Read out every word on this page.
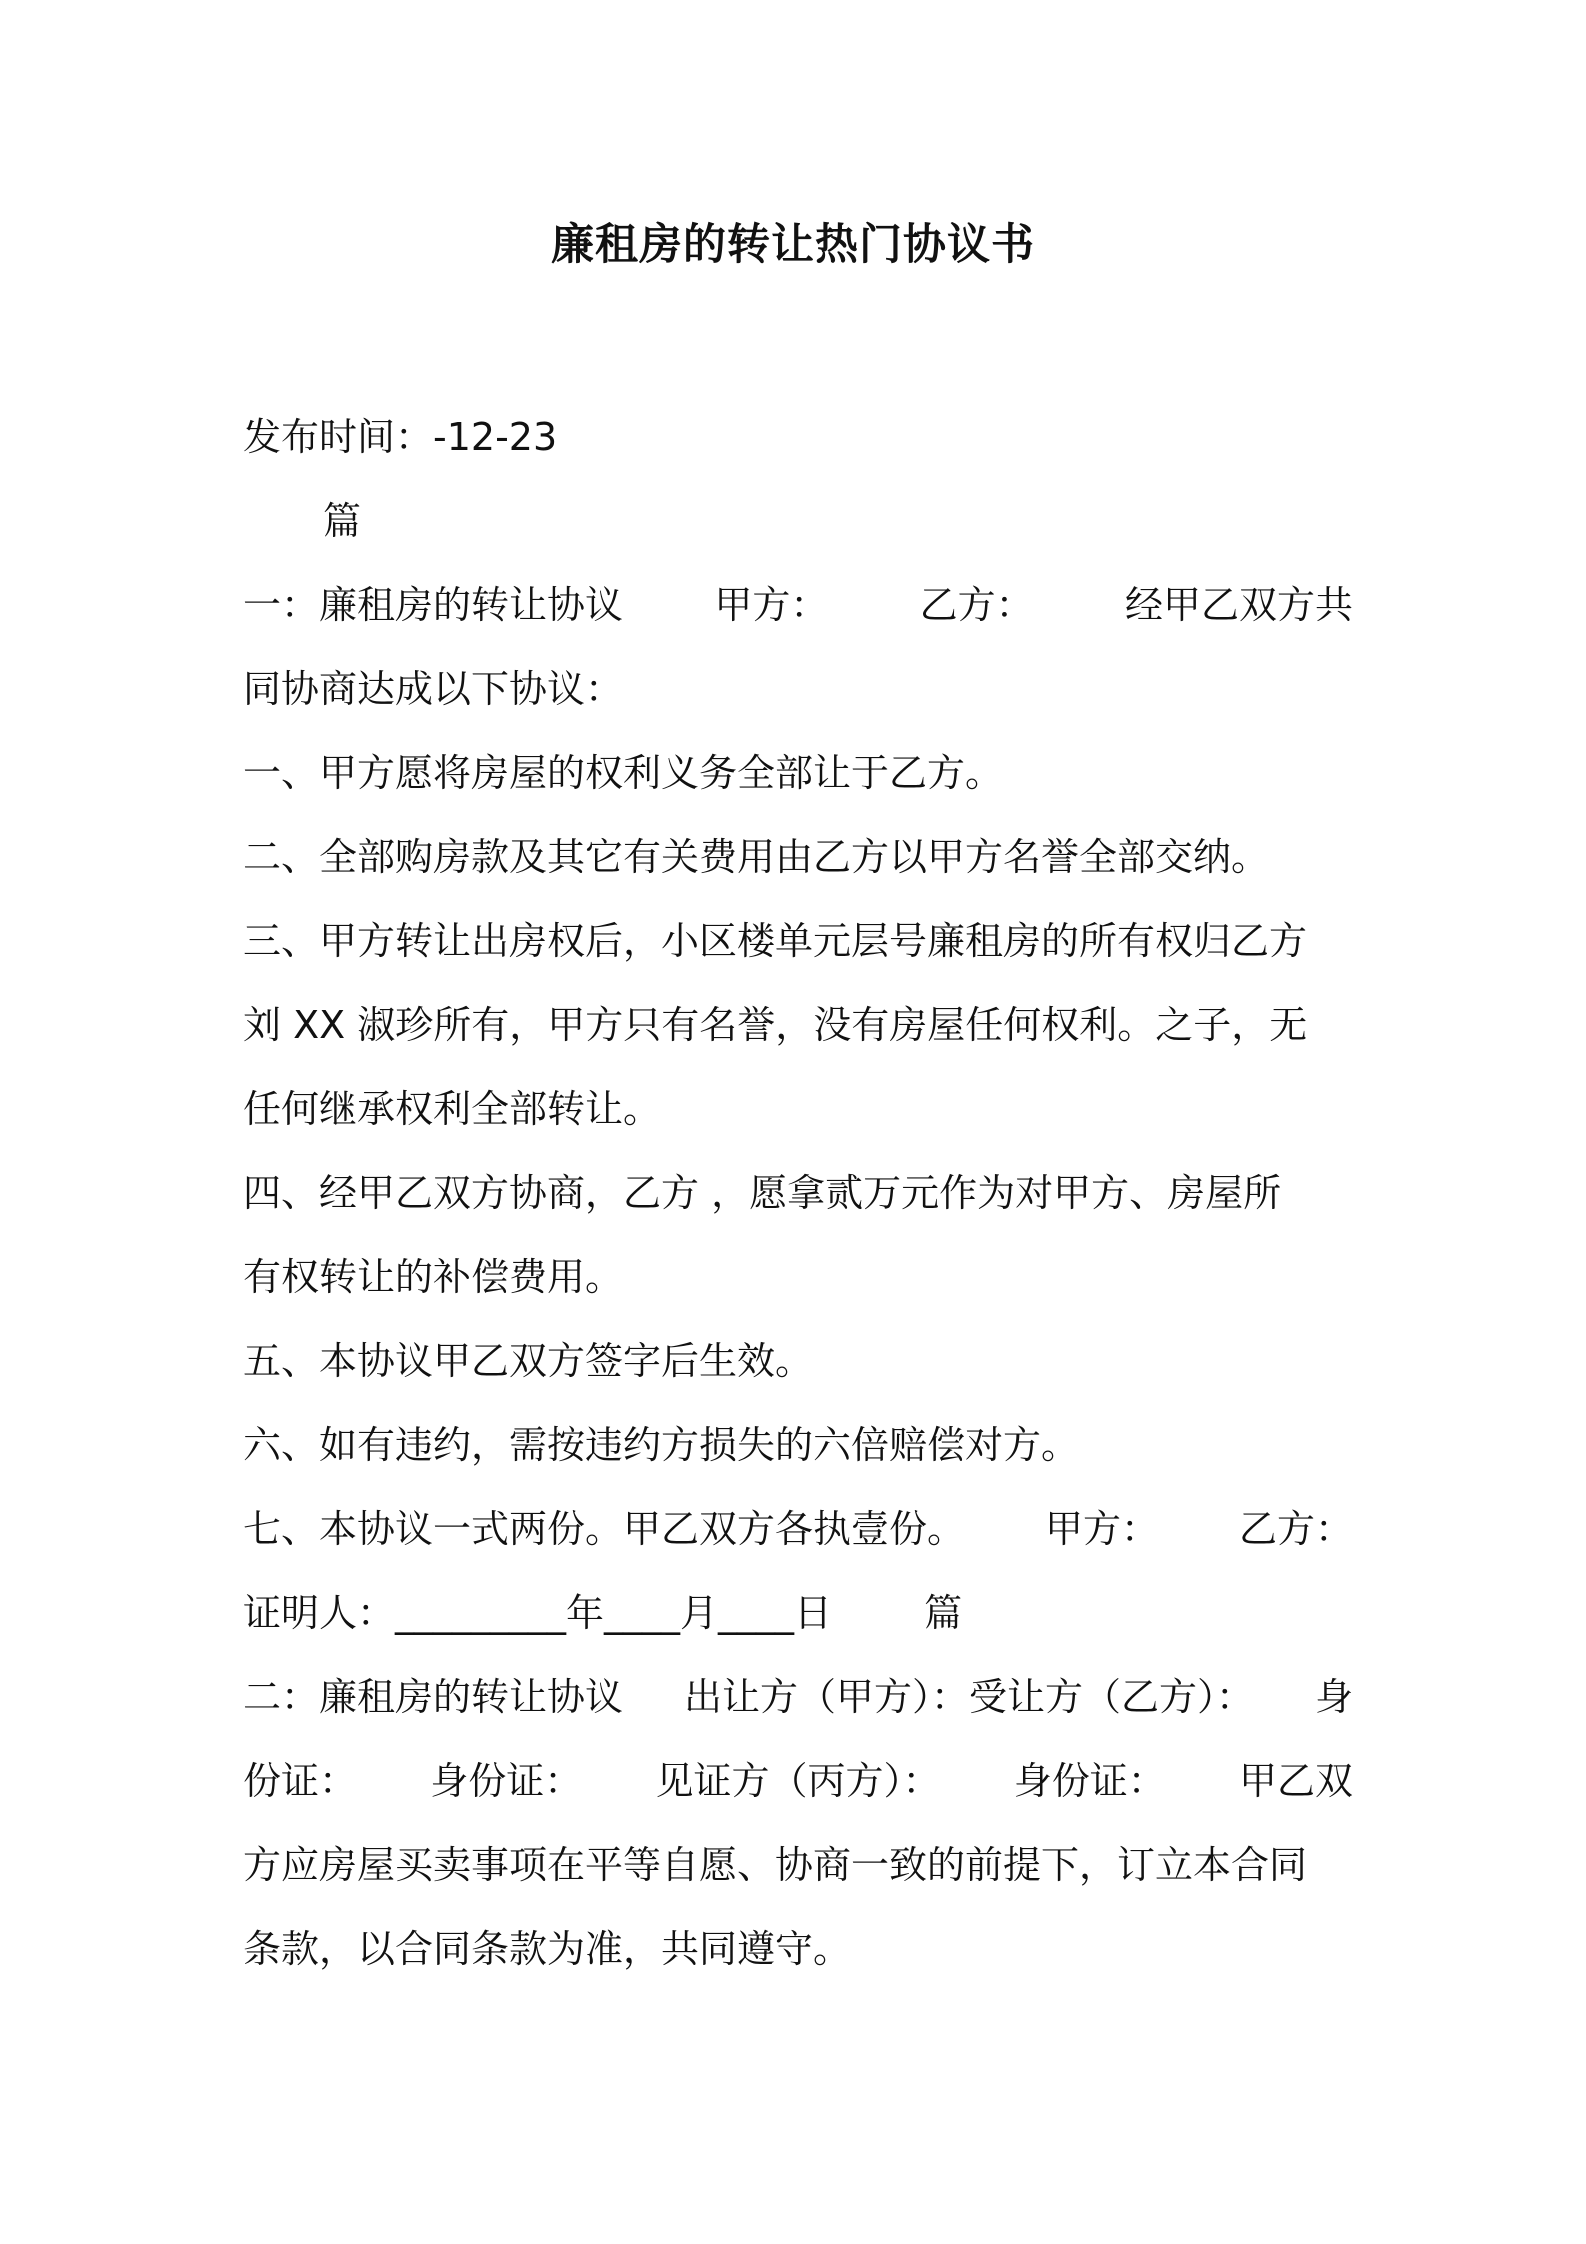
廉租房的转让热门协议书
发布时间：-12-23
篇
一：廉租房的转让协议 甲方： 乙方： 经甲乙双方共
同协商达成以下协议：
一、甲方愿将房屋的权利义务全部让于乙方。
二、全部购房款及其它有关费用由乙方以甲方名誉全部交纳。
三、甲方转让出房权后，小区楼单元层号廉租房的所有权归乙方
刘 XX 淑珍所有，甲方只有名誉，没有房屋任何权利。之子，无
任何继承权利全部转让。
四、经甲乙双方协商，乙方 ，愿拿贰万元作为对甲方、房屋所
有权转让的补偿费用。
五、本协议甲乙双方签字后生效。
六、如有违约，需按违约方损失的六倍赔偿对方。
七、本协议一式两份。甲乙双方各执壹份。 甲方： 乙方：
证明人：_________年____月____日 篇
二：廉租房的转让协议 出让方（甲方）：受让方（乙方）： 身
份证： 身份证： 见证方（丙方）： 身份证： 甲乙双
方应房屋买卖事项在平等自愿、协商一致的前提下，订立本合同
条款，以合同条款为准，共同遵守。
